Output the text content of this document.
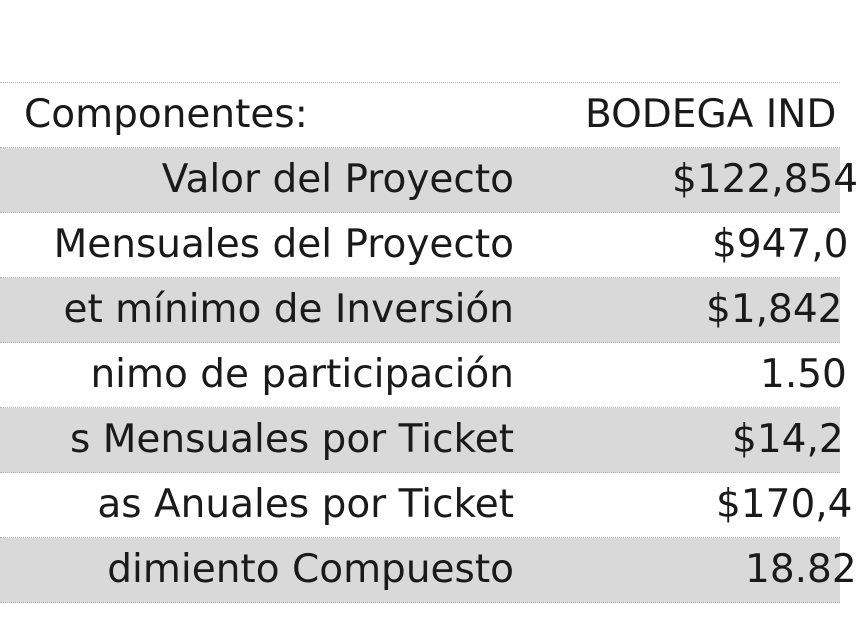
Componentes:	BODEGA IND
Valor del Proyecto	$122,854
Mensuales del Proyecto	$947,0
et mínimo de Inversión	$1,842
nimo de participación	1.50
s Mensuales por Ticket	$14,2
as Anuales por Ticket	$170,4
dimiento Compuesto	18.82
